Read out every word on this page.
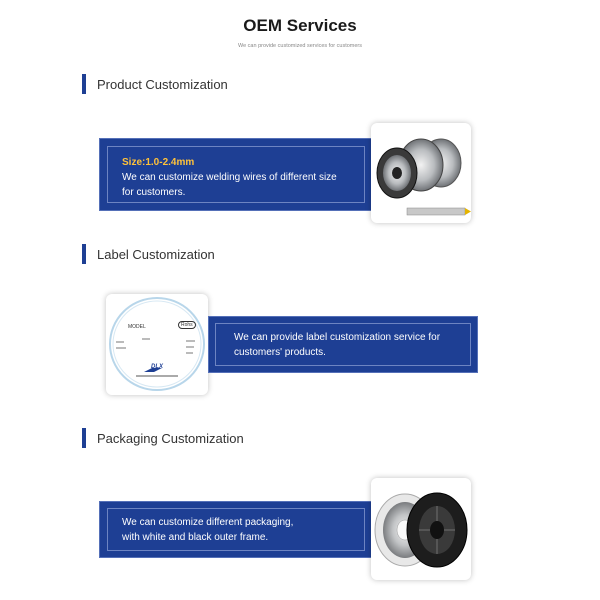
OEM Services
We can provide customized services for customers
Product Customization
Size:1.0-2.4mm
We can customize welding wires of different size
for customers.
Label Customization
MODEL	Rohs
DLX
We can provide label customization service for
customers' products.
Packaging Customization
We can customize different packaging,
with white and black outer frame.
